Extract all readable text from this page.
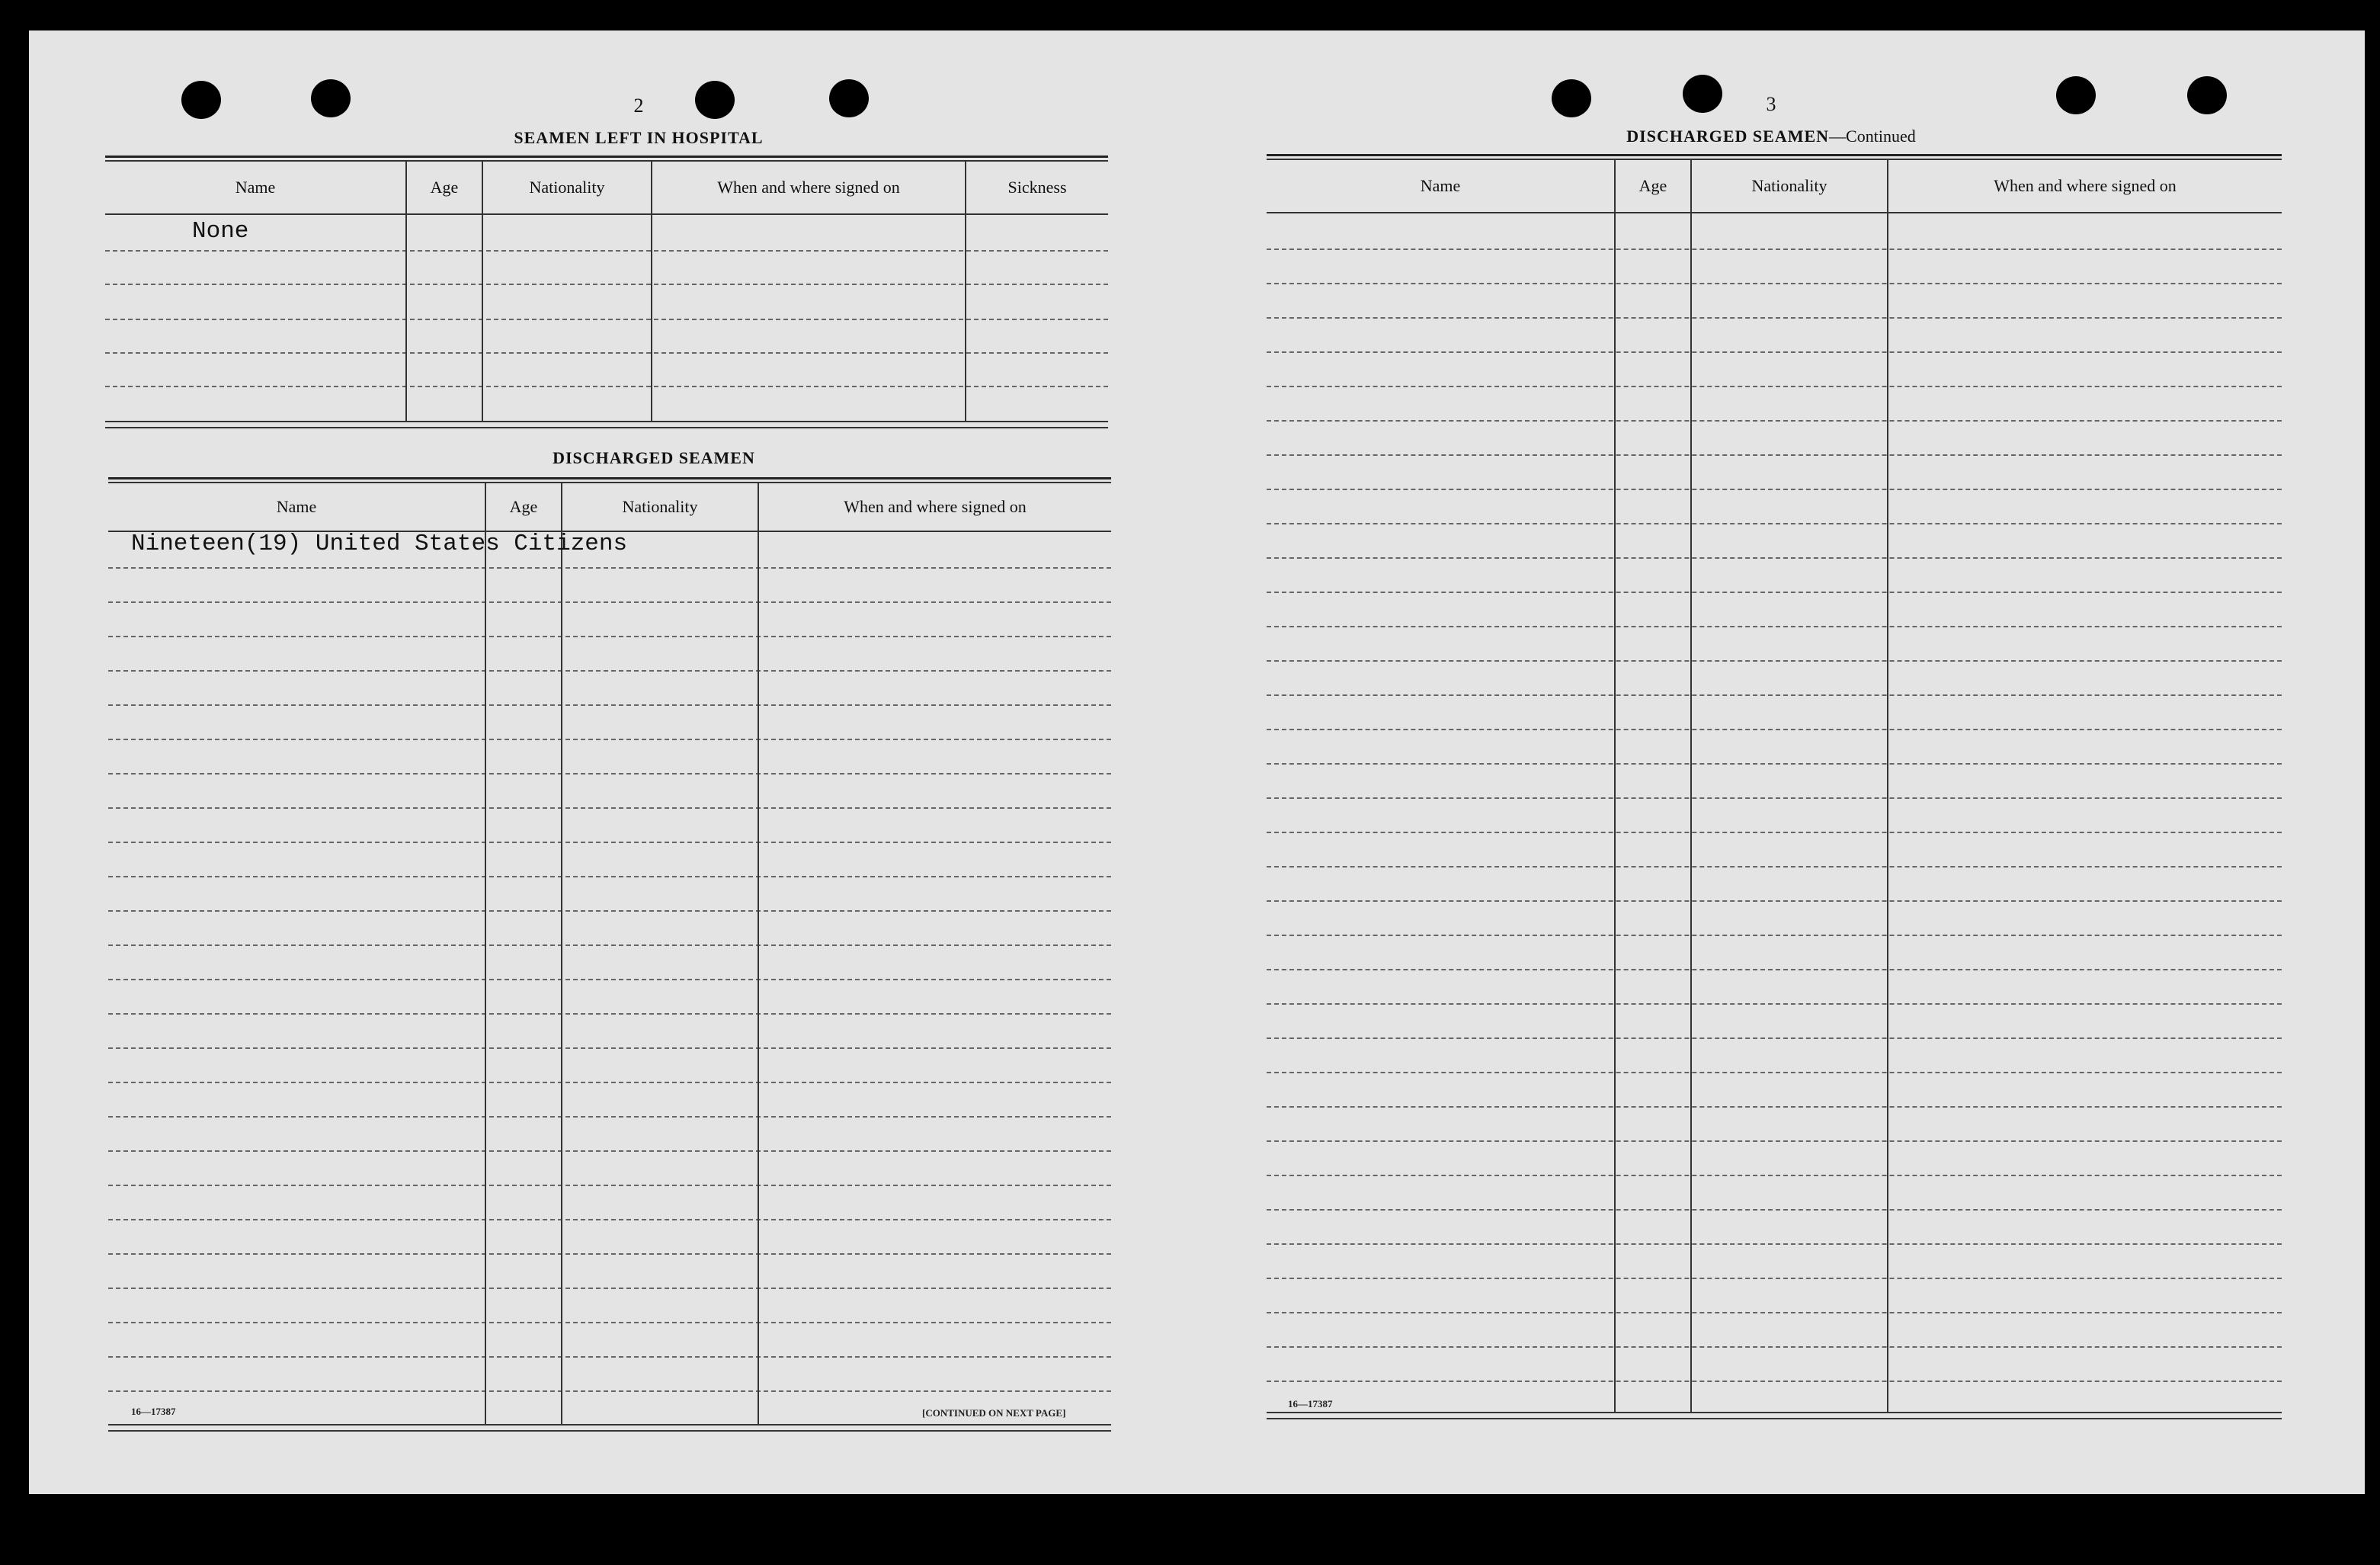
2
SEAMEN LEFT IN HOSPITAL
Name	Age	Nationality	When and where signed on	Sickness
None
DISCHARGED SEAMEN
Name	Age	Nationality	When and where signed on
Nineteen(19) United States Citizens
16—17387	[CONTINUED ON NEXT PAGE]
3
DISCHARGED SEAMEN—Continued
Name	Age	Nationality	When and where signed on
16—17387
